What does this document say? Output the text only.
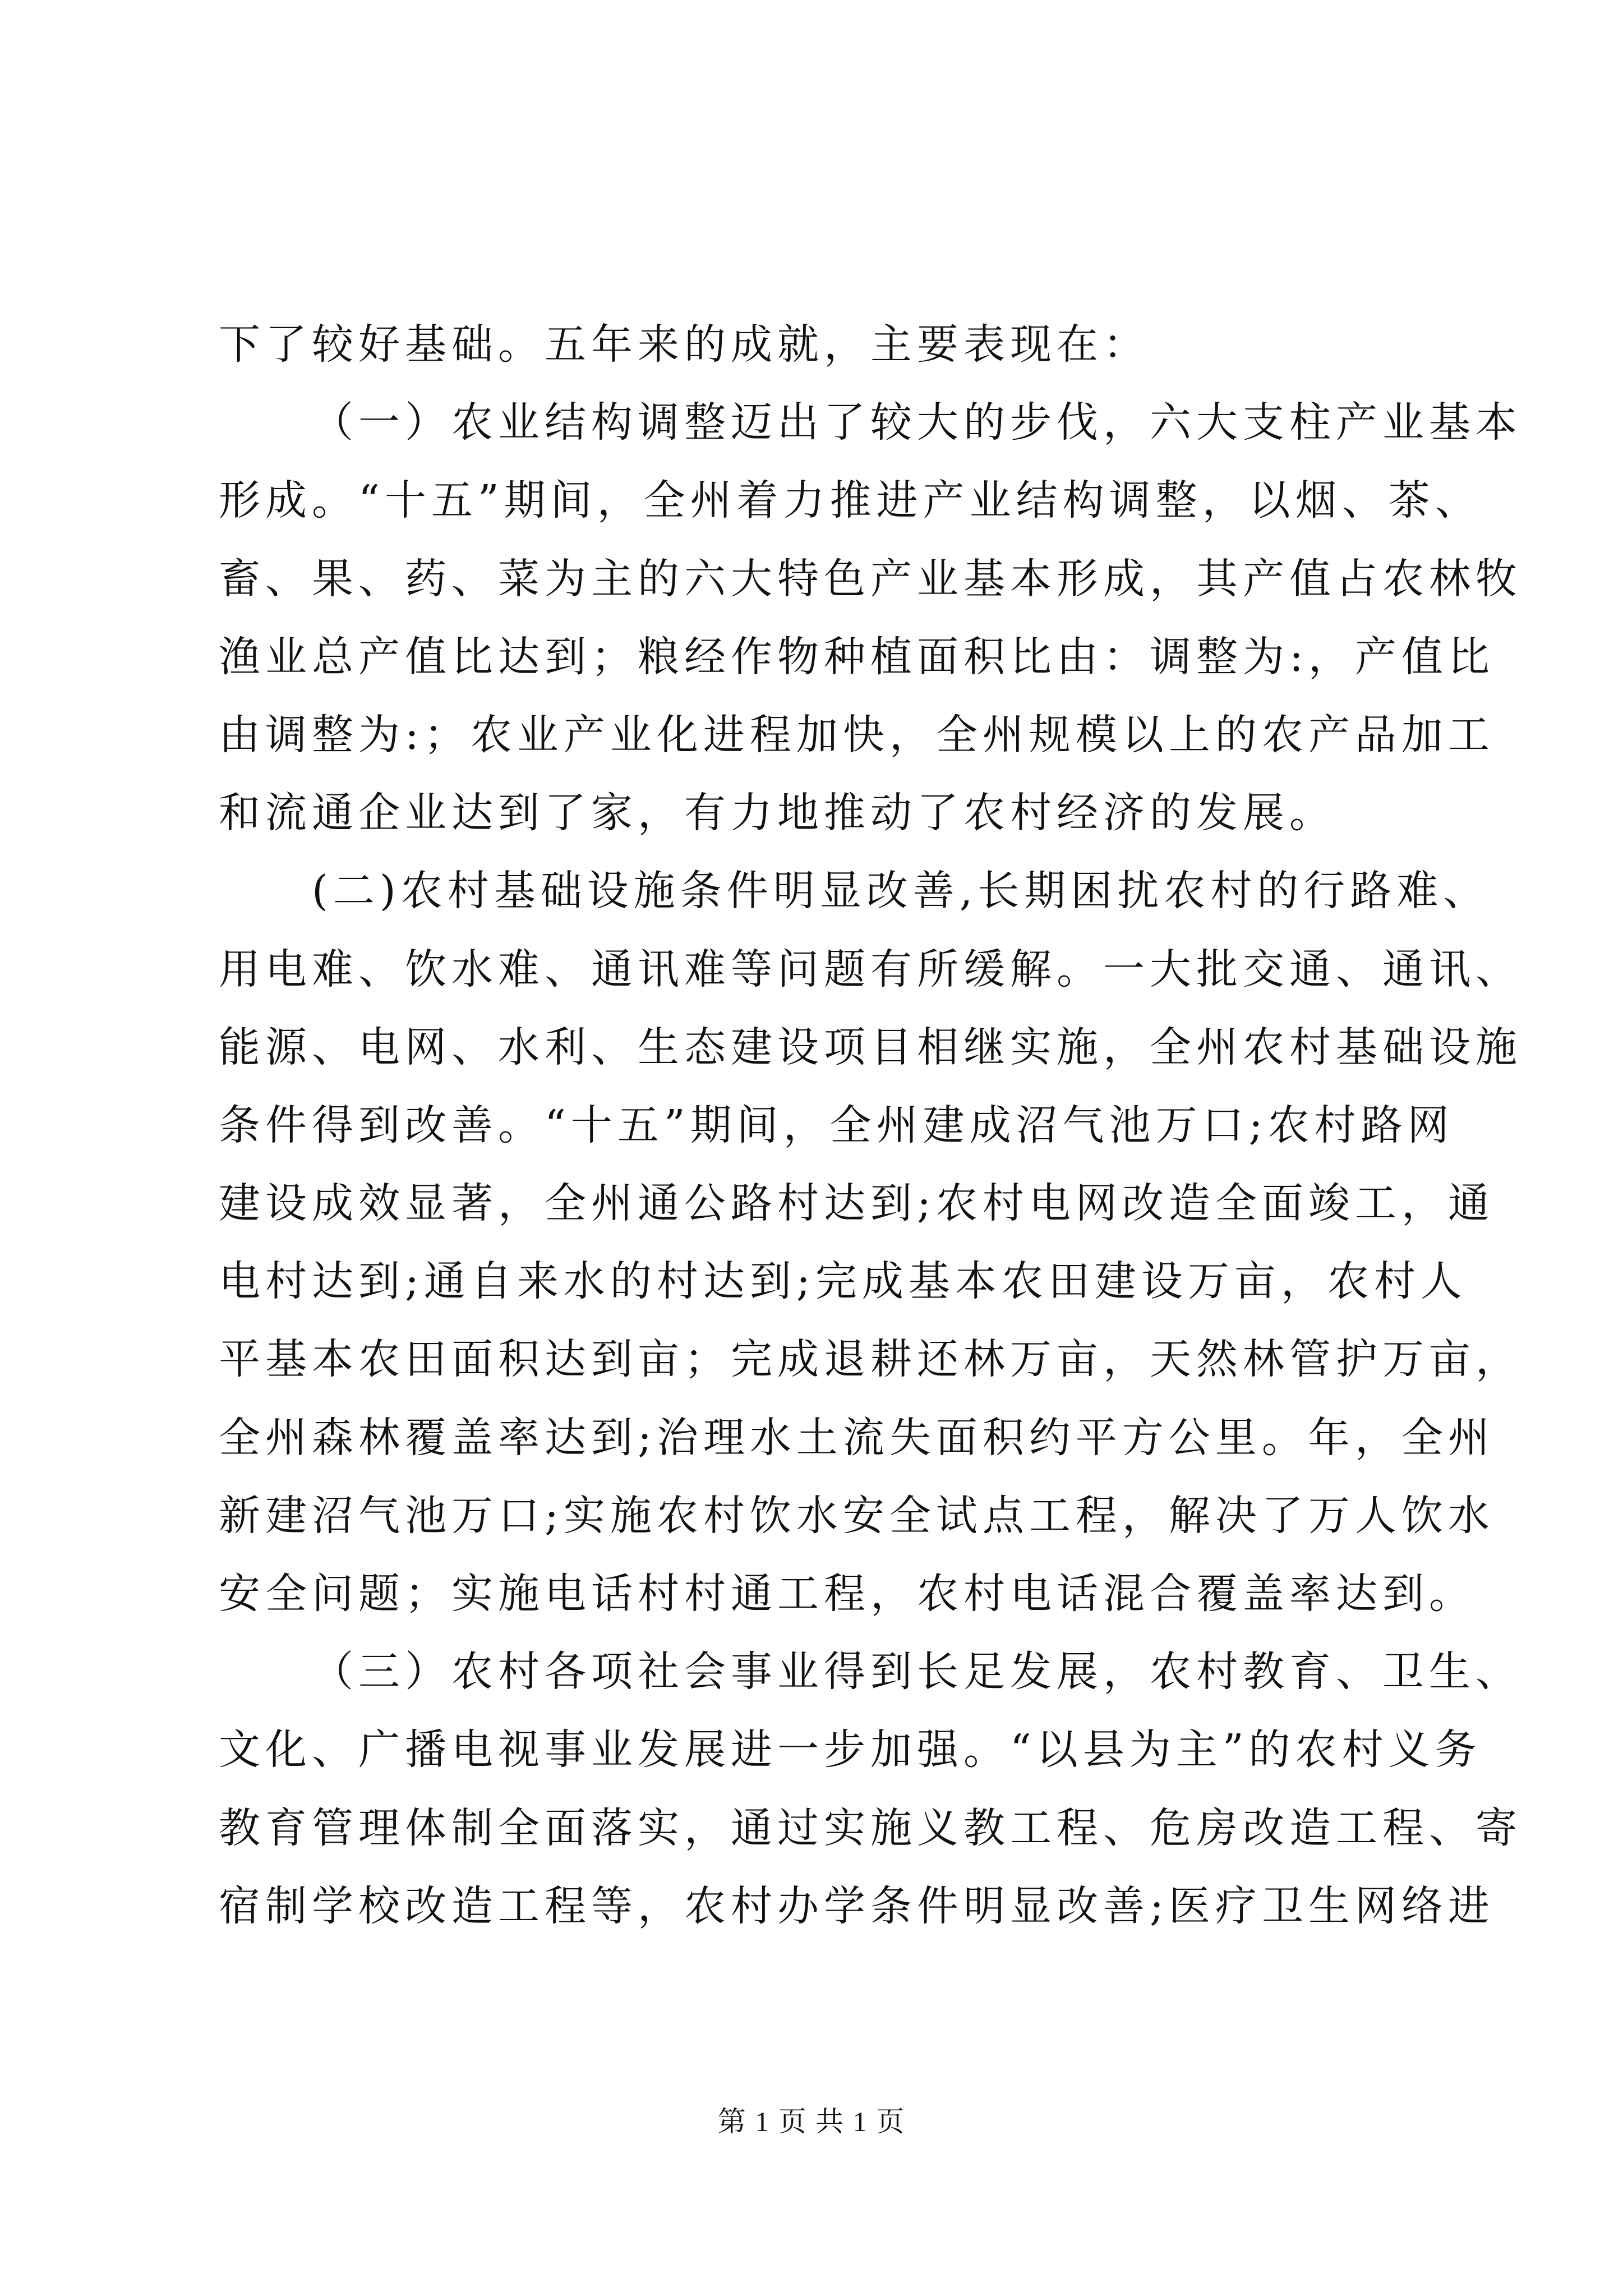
下了较好基础。五年来的成就，主要表现在：
（一）农业结构调整迈出了较大的步伐，六大支柱产业基本
形成。“十五”期间，全州着力推进产业结构调整，以烟、茶、
畜、果、药、菜为主的六大特色产业基本形成，其产值占农林牧
渔业总产值比达到；粮经作物种植面积比由：调整为:，产值比
由调整为:；农业产业化进程加快，全州规模以上的农产品加工
和流通企业达到了家，有力地推动了农村经济的发展。
(二)农村基础设施条件明显改善,长期困扰农村的行路难、
用电难、饮水难、通讯难等问题有所缓解。一大批交通、通讯、
能源、电网、水利、生态建设项目相继实施，全州农村基础设施
条件得到改善。“十五”期间，全州建成沼气池万口;农村路网
建设成效显著，全州通公路村达到;农村电网改造全面竣工，通
电村达到;通自来水的村达到;完成基本农田建设万亩，农村人
平基本农田面积达到亩；完成退耕还林万亩，天然林管护万亩，
全州森林覆盖率达到;治理水土流失面积约平方公里。年，全州
新建沼气池万口;实施农村饮水安全试点工程，解决了万人饮水
安全问题；实施电话村村通工程，农村电话混合覆盖率达到。
（三）农村各项社会事业得到长足发展，农村教育、卫生、
文化、广播电视事业发展进一步加强。“以县为主”的农村义务
教育管理体制全面落实，通过实施义教工程、危房改造工程、寄
宿制学校改造工程等，农村办学条件明显改善;医疗卫生网络进
第 1 页 共 1 页
